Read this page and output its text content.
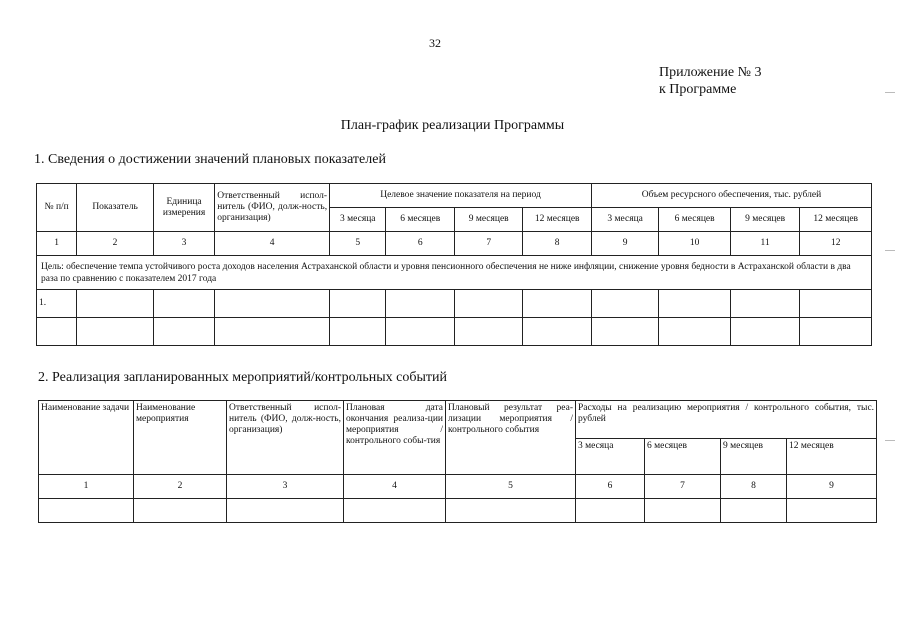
32
Приложение № 3
к Программе
План-график реализации Программы
1. Сведения о достижении значений плановых показателей
№ п/п	Показатель	Единица измерения	Ответственный испол-нитель (ФИО, долж-ность, организация)	Целевое значение показателя на период				Объем ресурсного обеспечения, тыс. рублей			
				3 месяца	6 месяцев	9 месяцев	12 месяцев	3 месяца	6 месяцев	9 месяцев	12 месяцев
1	2	3	4	5	6	7	8	9	10	11	12
Цель: обеспечение темпа устойчивого роста доходов населения Астраханской области и уровня пенсионного обеспечения не ниже инфляции, снижение уровня бедности в Астраханской области в два раза по сравнению с показателем 2017 года											
1.											

2. Реализация запланированных мероприятий/контрольных событий
Наименование задачи	Наименование мероприятия	Ответственный испол-нитель (ФИО, долж-ность, организация)	Плановая дата окончания реализа-ции мероприятия / контрольного собы-тия	Плановый результат реа-лизации мероприятия / контрольного события	Расходы на реализацию мероприятия / контрольного события, тыс. рублей			
					3 месяца	6 месяцев	9 месяцев	12 месяцев
1	2	3	4	5	6	7	8	9
